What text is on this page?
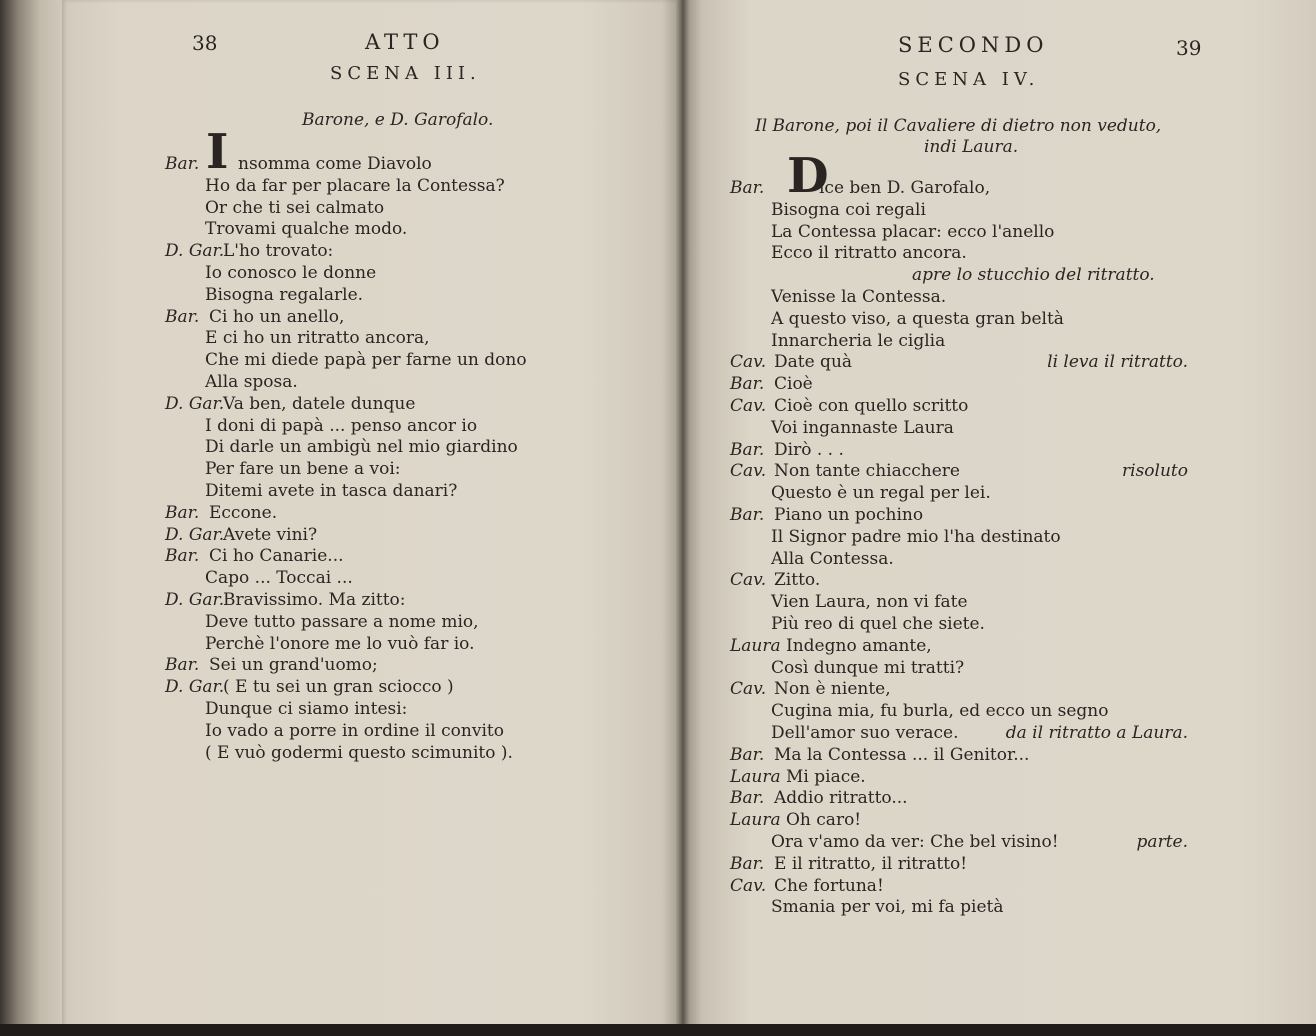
38	ATTO
SCENA III.
Barone, e D. Garofalo.
Bar. I nsomma come Diavolo
Ho da far per placare la Contessa?
Or che ti sei calmato
Trovami qualche modo.
D. Gar.
L'ho trovato:
Io conosco le donne
Bisogna regalarle.
Bar. Ci ho un anello,
E ci ho un ritratto ancora,
Che mi diede papà per farne un dono
Alla sposa.
D. Gar.
Va ben, datele dunque
I doni di papà ... penso ancor io
Di darle un ambigù nel mio giardino
Per fare un bene a voi:
Ditemi avete in tasca danari?
Bar. Eccone.
D. Gar.
Avete vini?
Bar. Ci ho Canarie...
Capo ... Toccai ...
D. Gar.
Bravissimo. Ma zitto:
Deve tutto passare a nome mio,
Perchè l'onore me lo vuò far io.
Bar. Sei un grand'uomo;
D. Gar.
( E tu sei un gran sciocco )
Dunque ci siamo intesi:
Io vado a porre in ordine il convito
( E vuò godermi questo scimunito ).
SECONDO	39
SCENA IV.
Il Barone, poi il Cavaliere di dietro non veduto,
indi Laura.
Bar. D
ice ben D. Garofalo,
Bisogna coi regali
La Contessa placar: ecco l'anello
Ecco il ritratto ancora.
apre lo stucchio del ritratto.
Venisse la Contessa.
A questo viso, a questa gran beltà
Innarcheria le ciglia
Cav. Date quà	li leva il ritratto.
Bar. Cioè
Cav. Cioè con quello scritto
Voi ingannaste Laura
Bar. Dirò . . .
Cav. Non tante chiacchere	risoluto
Questo è un regal per lei.
Bar. Piano un pochino
Il Signor padre mio l'ha destinato
Alla Contessa.
Cav. Zitto.
Vien Laura, non vi fate
Più reo di quel che siete.
Laura Indegno amante,
Così dunque mi tratti?
Cav. Non è niente,
Cugina mia, fu burla, ed ecco un segno
Dell'amor suo verace.	da il ritratto a Laura.
Bar. Ma la Contessa ... il Genitor...
Laura Mi piace.
Bar. Addio ritratto...
Laura Oh caro!
Ora v'amo da ver: Che bel visino!	parte.
Bar. E il ritratto, il ritratto!
Cav. Che fortuna!
Smania per voi, mi fa pietà
